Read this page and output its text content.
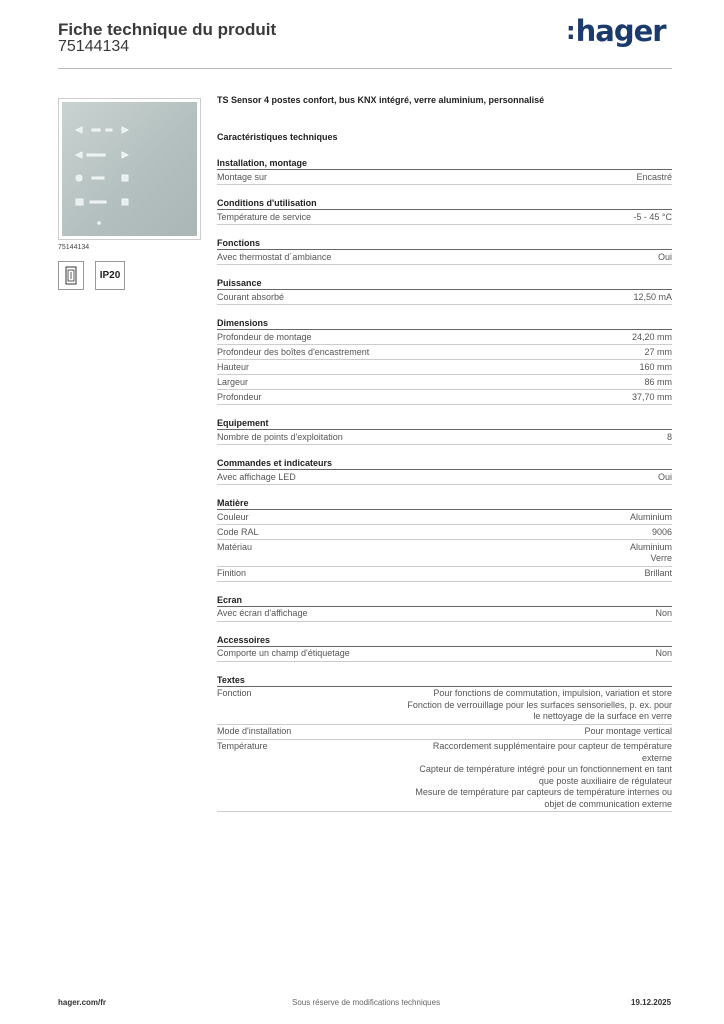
Fiche technique du produit
75144134
:hager
75144134
IP20
TS Sensor 4 postes confort, bus KNX intégré, verre aluminium, personnalisé
Caractéristiques techniques
Installation, montage
Montage sur	Encastré
Conditions d'utilisation
Température de service	-5 - 45 °C
Fonctions
Avec thermostat d´ambiance	Oui
Puissance
Courant absorbé	12,50 mA
Dimensions
Profondeur de montage	24,20 mm
Profondeur des boîtes d'encastrement	27 mm
Hauteur	160 mm
Largeur	86 mm
Profondeur	37,70 mm
Equipement
Nombre de points d'exploitation	8
Commandes et indicateurs
Avec affichage LED	Oui
Matière
Couleur	Aluminium
Code RAL	9006
Matériau	Aluminium
Verre
Finition	Brillant
Ecran
Avec écran d'affichage	Non
Accessoires
Comporte un champ d'étiquetage	Non
Textes
Fonction	Pour fonctions de commutation, impulsion, variation et store
Fonction de verrouillage pour les surfaces sensorielles, p. ex. pour
le nettoyage de la surface en verre
Mode d'installation	Pour montage vertical
Température	Raccordement supplémentaire pour capteur de température
externe
Capteur de température intégré pour un fonctionnement en tant
que poste auxiliaire de régulateur
Mesure de température par capteurs de température internes ou
objet de communication externe
hager.com/fr	Sous réserve de modifications techniques	19.12.2025
